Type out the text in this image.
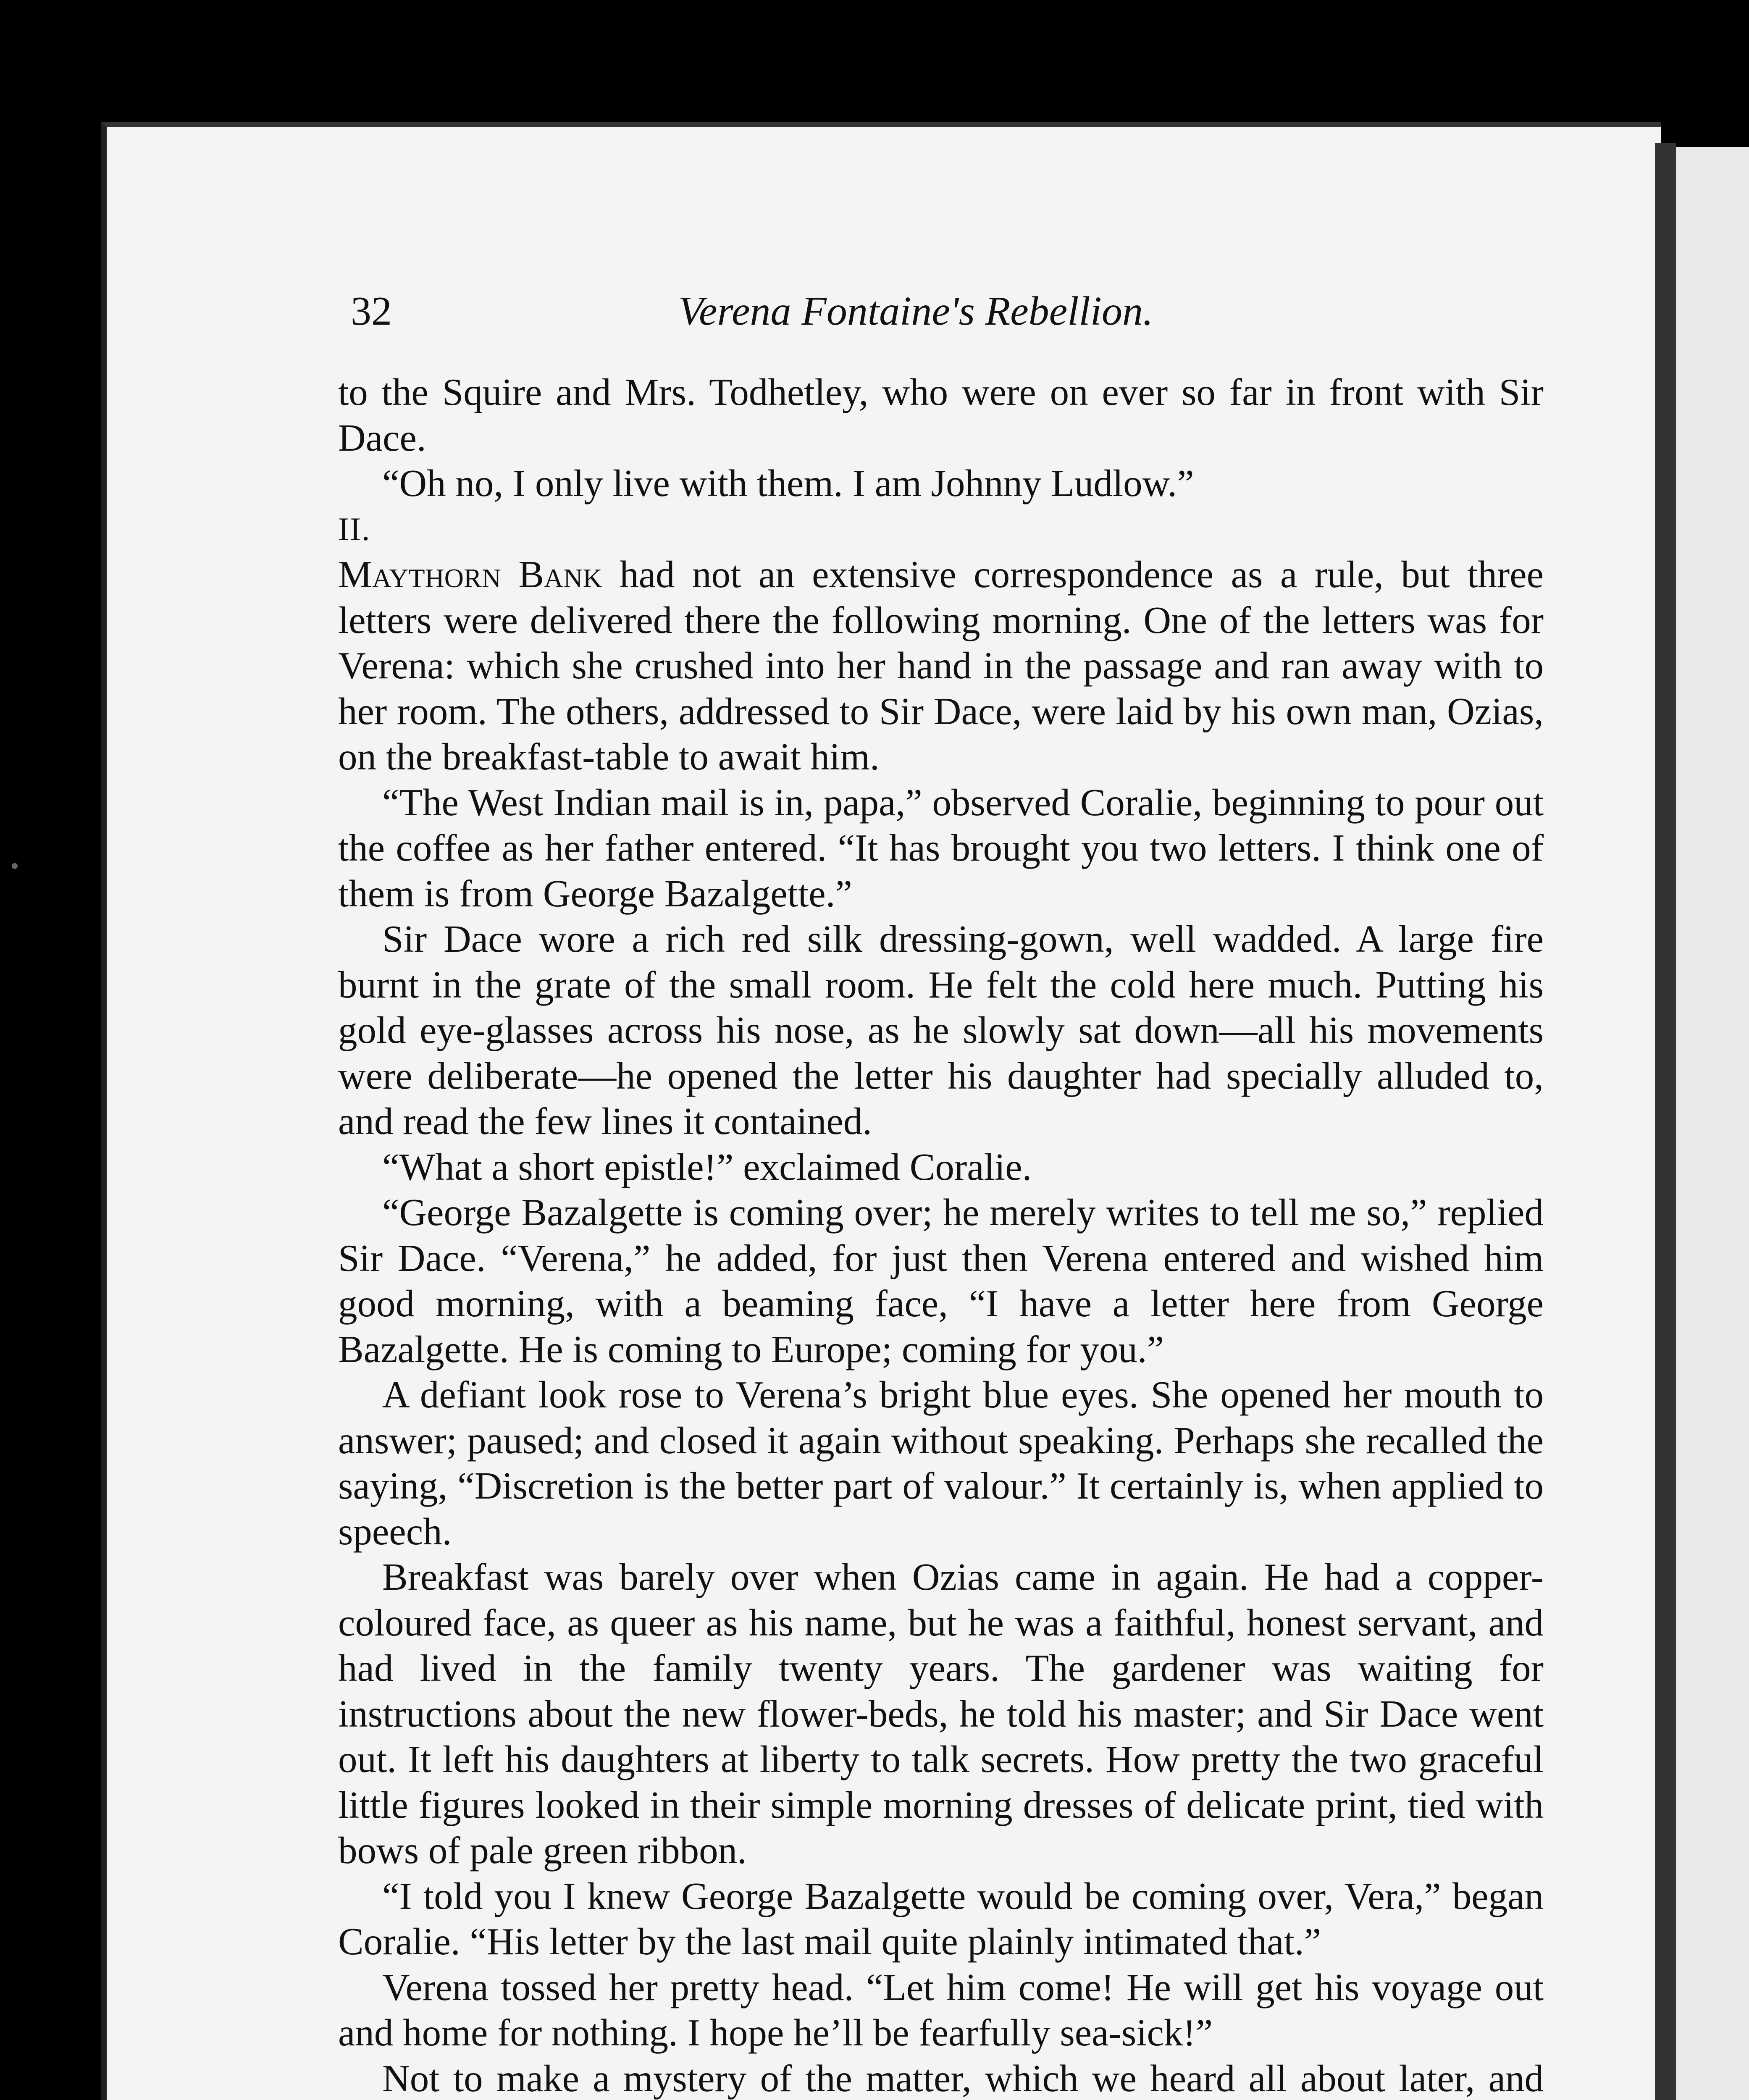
32	Verena Fontaine's Rebellion.

to the Squire and Mrs. Todhetley, who were on ever so far in front with Sir Dace.

“Oh no, I only live with them. I am Johnny Ludlow.”

II.

Maythorn Bank had not an extensive correspondence as a rule, but three letters were delivered there the following morning. One of the letters was for Verena: which she crushed into her hand in the passage and ran away with to her room. The others, addressed to Sir Dace, were laid by his own man, Ozias, on the breakfast-table to await him.

“The West Indian mail is in, papa,” observed Coralie, beginning to pour out the coffee as her father entered. “It has brought you two letters. I think one of them is from George Bazalgette.”

Sir Dace wore a rich red silk dressing-gown, well wadded. A large fire burnt in the grate of the small room. He felt the cold here much. Putting his gold eye-glasses across his nose, as he slowly sat down—all his movements were deliberate—he opened the letter his daughter had specially alluded to, and read the few lines it contained.

“What a short epistle!” exclaimed Coralie.

“George Bazalgette is coming over; he merely writes to tell me so,” replied Sir Dace. “Verena,” he added, for just then Verena entered and wished him good morning, with a beaming face, “I have a letter here from George Bazalgette. He is coming to Europe; coming for you.”

A defiant look rose to Verena’s bright blue eyes. She opened her mouth to answer; paused; and closed it again without speaking. Perhaps she recalled the saying, “Discretion is the better part of valour.” It certainly is, when applied to speech.

Breakfast was barely over when Ozias came in again. He had a copper-coloured face, as queer as his name, but he was a faithful, honest servant, and had lived in the family twenty years. The gardener was waiting for instructions about the new flower-beds, he told his master; and Sir Dace went out. It left his daughters at liberty to talk secrets. How pretty the two graceful little figures looked in their simple morning dresses of delicate print, tied with bows of pale green ribbon.

“I told you I knew George Bazalgette would be coming over, Vera,” began Coralie. “His letter by the last mail quite plainly intimated that.”

Verena tossed her pretty head. “Let him come! He will get his voyage out and home for nothing. I hope he’ll be fearfully sea-sick!”

Not to make a mystery of the matter, which we heard all about later, and
